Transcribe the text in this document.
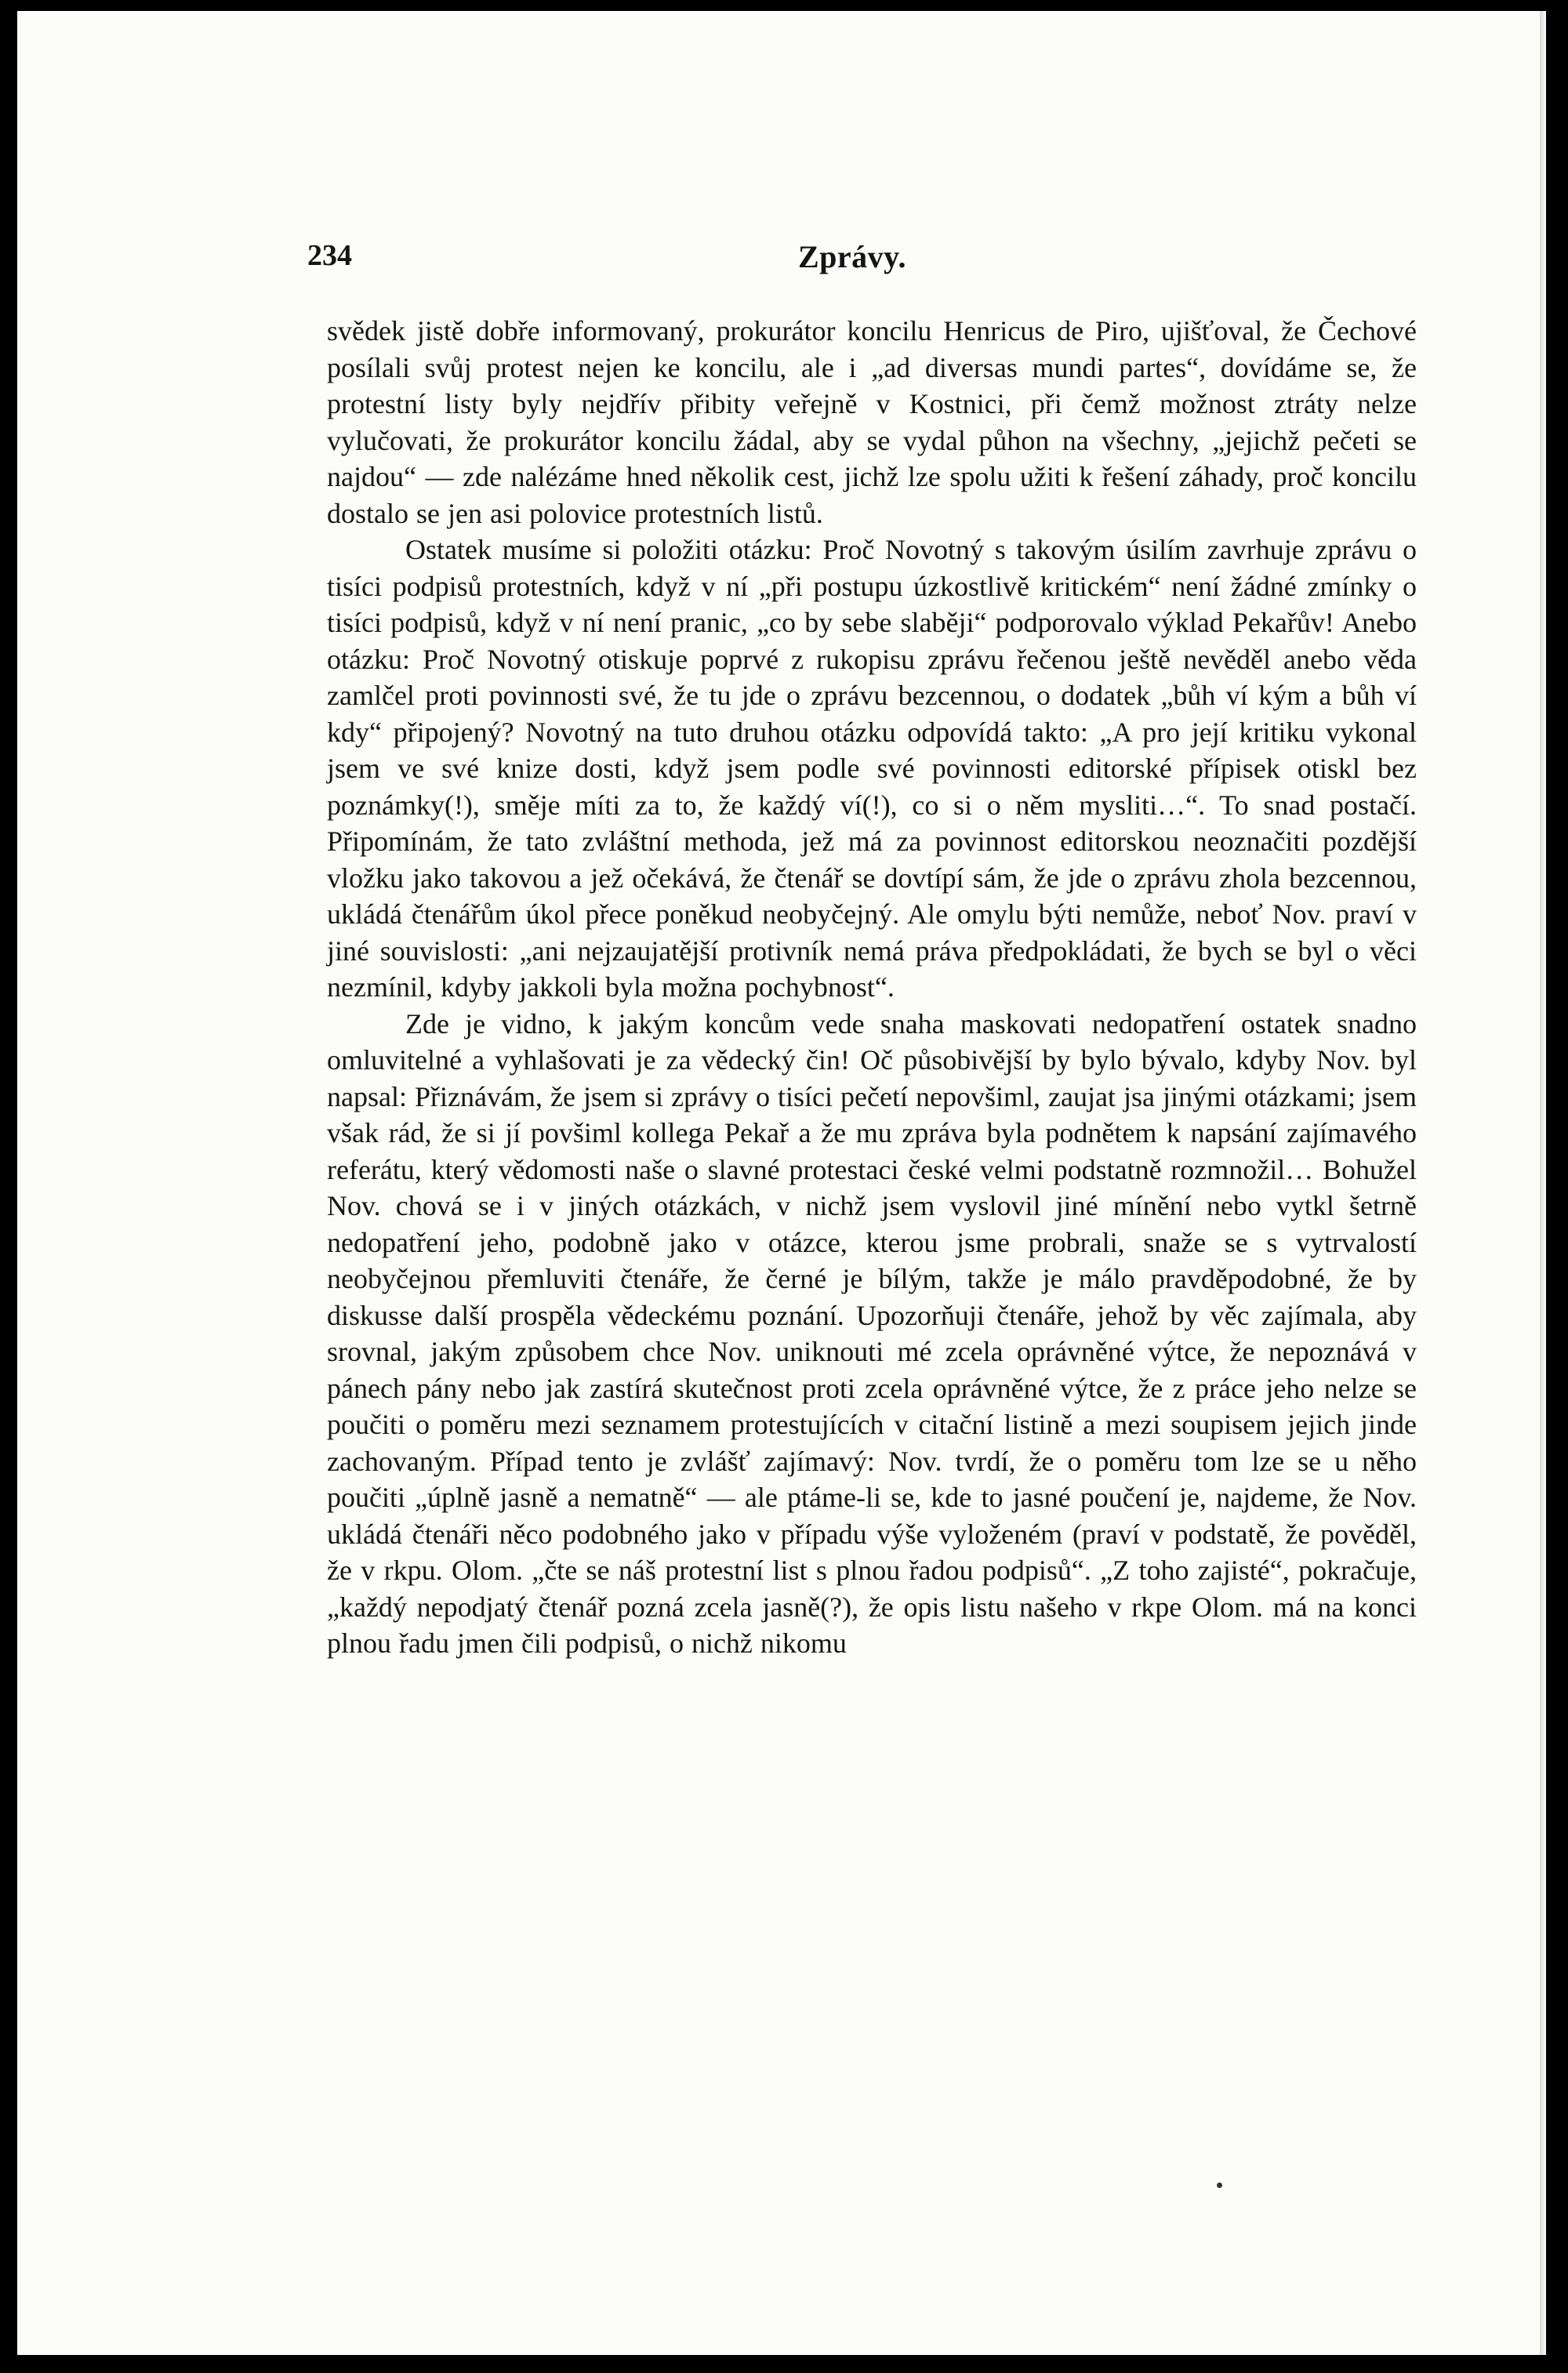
234	Zprávy.

svědek jistě dobře informovaný, prokurátor koncilu Henricus de Piro, ujišťoval, že Čechové posílali svůj protest nejen ke koncilu, ale i „ad diversas mundi partes“, dovídáme se, že protestní listy byly nejdřív přibity veřejně v Kostnici, při čemž možnost ztráty nelze vylučovati, že prokurátor koncilu žádal, aby se vydal půhon na všechny, „jejichž pečeti se najdou“ — zde nalézáme hned několik cest, jichž lze spolu užiti k řešení záhady, proč koncilu dostalo se jen asi polovice protestních listů.

Ostatek musíme si položiti otázku: Proč Novotný s takovým úsilím zavrhuje zprávu o tisíci podpisů protestních, když v ní „při postupu úzkostlivě kritickém“ není žádné zmínky o tisíci podpisů, když v ní není pranic, „co by sebe slaběji“ podporovalo výklad Pekařův! Anebo otázku: Proč Novotný otiskuje poprvé z rukopisu zprávu řečenou ještě nevěděl anebo věda zamlčel proti povinnosti své, že tu jde o zprávu bezcennou, o dodatek „bůh ví kým a bůh ví kdy“ připojený? Novotný na tuto druhou otázku odpovídá takto: „A pro její kritiku vykonal jsem ve své knize dosti, když jsem podle své povinnosti editorské přípisek otiskl bez poznámky(!), směje míti za to, že každý ví(!), co si o něm mysliti…“. To snad postačí. Připomínám, že tato zvláštní methoda, jež má za povinnost editorskou neoznačiti pozdější vložku jako takovou a jež očekává, že čtenář se dovtípí sám, že jde o zprávu zhola bezcennou, ukládá čtenářům úkol přece poněkud neobyčejný. Ale omylu býti nemůže, neboť Nov. praví v jiné souvislosti: „ani nejzaujatější protivník nemá práva předpokládati, že bych se byl o věci nezmínil, kdyby jakkoli byla možna pochybnost“.

Zde je vidno, k jakým koncům vede snaha maskovati nedopatření ostatek snadno omluvitelné a vyhlašovati je za vědecký čin! Oč působivější by bylo bývalo, kdyby Nov. byl napsal: Přiznávám, že jsem si zprávy o tisíci pečetí nepovšiml, zaujat jsa jinými otázkami; jsem však rád, že si jí povšiml kollega Pekař a že mu zpráva byla podnětem k napsání zajímavého referátu, který vědomosti naše o slavné protestaci české velmi podstatně rozmnožil… Bohužel Nov. chová se i v jiných otázkách, v nichž jsem vyslovil jiné mínění nebo vytkl šetrně nedopatření jeho, podobně jako v otázce, kterou jsme probrali, snaže se s vytrvalostí neobyčejnou přemluviti čtenáře, že černé je bílým, takže je málo pravděpodobné, že by diskusse další prospěla vědeckému poznání. Upozorňuji čtenáře, jehož by věc zajímala, aby srovnal, jakým způsobem chce Nov. uniknouti mé zcela oprávněné výtce, že nepoznává v pánech pány nebo jak zastírá skutečnost proti zcela oprávněné výtce, že z práce jeho nelze se poučiti o poměru mezi seznamem protestujících v citační listině a mezi soupisem jejich jinde zachovaným. Případ tento je zvlášť zajímavý: Nov. tvrdí, že o poměru tom lze se u něho poučiti „úplně jasně a nematně“ — ale ptáme-li se, kde to jasné poučení je, najdeme, že Nov. ukládá čtenáři něco podobného jako v případu výše vyloženém (praví v podstatě, že pověděl, že v rkpu. Olom. „čte se náš protestní list s plnou řadou podpisů“. „Z toho zajisté“, pokračuje, „každý nepodjatý čtenář pozná zcela jasně(?), že opis listu našeho v rkpe Olom. má na konci plnou řadu jmen čili podpisů, o nichž nikomu
